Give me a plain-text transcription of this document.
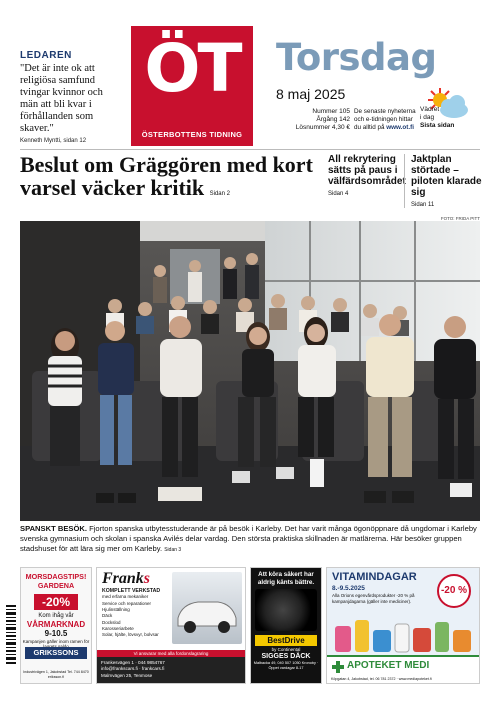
LEDAREN
"Det är inte ok att religiösa samfund tvingar kvinnor och män att bli kvar i förhållanden som skaver."
Kenneth Myntti, sidan 12
ÖT
ÖSTERBOTTENS TIDNING
Torsdag
8 maj 2025
Nummer 105
Årgång 142
Lösnummer 4,30 €
De senaste nyheterna och e-tidningen hittar du alltid på www.ot.fi
Vädret
i dag
Sista sidan
Beslut om Gräggören med kort varsel väcker kritik Sidan 2
All rekrytering sätts på paus i välfärdsområdet
Sidan 4
Jaktplan störtade – piloten klarade sig
Sidan 11
FOTO: FRIDA PITT
SPANSKT BESÖK. Fjorton spanska utbytesstuderande är på besök i Karleby. Det har varit många ögonöppnare då ungdomar i Karleby svenska gymnasium och skolan i spanska Avilés delar vardag. Den största praktiska skillnaden är matlärerna. Här besöker gruppen stadshuset för att lära sig mer om Karleby. Sidan 3
MORSDAGSTIPS! GARDENA
-20%
Kom ihåg vår
VÅRMARKNAD
9-10.5
Kampanjen gäller inom ramen för
GRIKSSONS
Industrivägen 1, Jakobstad Tel. 744 8470 eriksson.fi
Franks
KOMPLETT VERKSTAD
med erfarna mekaniker
Service och reparationer
Hjulinställning
Däck
Dockslod
Karosseriarbete
Solar, hjälte, lövsvyr, bolvsar
Vi ansvarar med alla fordonslagraring
Frankesvägen 1 · 044 9854767
info@frankscars.fi · frankcars.fi
Malmvägen 25, Tenmose
Att köra säkert har aldrig känts bättre.
BestDrive
by Continental
SIGGES DÄCK
Malbacka 49, 040 507 1050 Kronoby · Öppet vardagar 8-17
VITAMINDAGAR
8.-9.5.2025
Alla Orions egenvårdsprodukter -20 % på kampanjdagarna (gäller inte mediciner).
-20 %
APOTEKET MEDI
Köpgatan 4, Jakobstad, tel. 06 781 2372 · www.mediapoteket.fi
